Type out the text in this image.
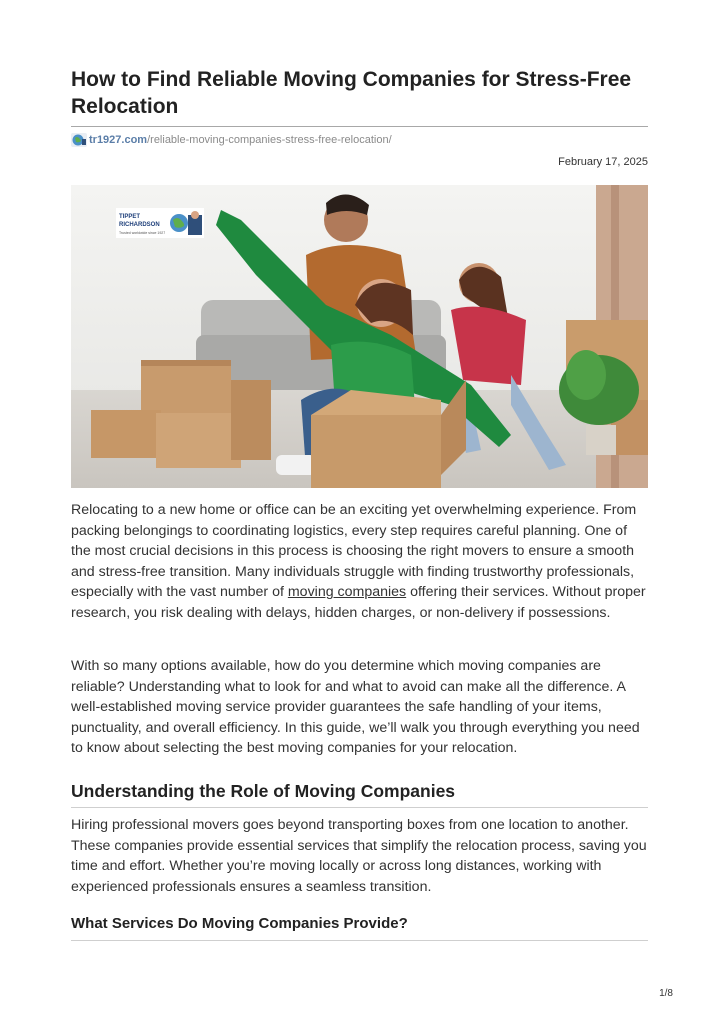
How to Find Reliable Moving Companies for Stress-Free Relocation
tr1927.com /reliable-moving-companies-stress-free-relocation/
February 17, 2025
TIPPET
RICHARDSON
Trusted worldwide since 1927

Relocating to a new home or office can be an exciting yet overwhelming experience. From packing belongings to coordinating logistics, every step requires careful planning. One of the most crucial decisions in this process is choosing the right movers to ensure a smooth and stress-free transition. Many individuals struggle with finding trustworthy professionals, especially with the vast number of moving companies offering their services. Without proper research, you risk dealing with delays, hidden charges, or non-delivery if possessions.

With so many options available, how do you determine which moving companies are reliable? Understanding what to look for and what to avoid can make all the difference. A well-established moving service provider guarantees the safe handling of your items, punctuality, and overall efficiency. In this guide, we’ll walk you through everything you need to know about selecting the best moving companies for your relocation.

Understanding the Role of Moving Companies

Hiring professional movers goes beyond transporting boxes from one location to another. These companies provide essential services that simplify the relocation process, saving you time and effort. Whether you’re moving locally or across long distances, working with experienced professionals ensures a seamless transition.

What Services Do Moving Companies Provide?
1/8
